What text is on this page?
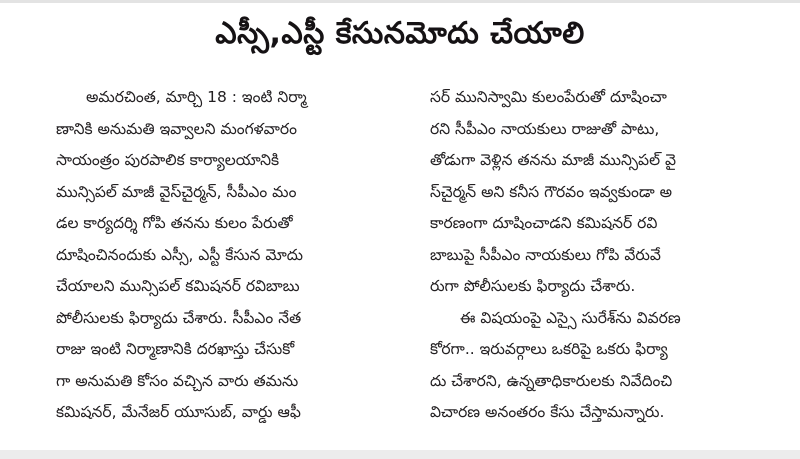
ఎస్సీ,ఎస్టీ కేసునమోదు చేయాలి
అమరచింత, మార్చి 18 : ఇంటి నిర్మా
ణానికి అనుమతి ఇవ్వాలని మంగళవారం
సాయంత్రం పురపాలిక కార్యాలయానికి
మున్సిపల్ మాజీ వైస్‌చైర్మన్, సీపీఎం మం
డల కార్యదర్శి గోపి తనను కులం పేరుతో
దూషించినందుకు ఎస్సీ, ఎస్టీ కేసున మోదు
చేయాలని మున్సిపల్ కమిషనర్ రవిబాబు
పోలీసులకు ఫిర్యాదు చేశారు. సీపీఎం నేత
రాజు ఇంటి నిర్మాణానికి దరఖాస్తు చేసుకో
గా అనుమతి కోసం వచ్చిన వారు తమను
కమిషనర్, మేనేజర్ యూసుబ్, వార్డు ఆఫీ
సర్ మునిస్వామి కులంపేరుతో దూషించా
రని సీపీఎం నాయకులు రాజుతో పాటు,
తోడుగా వెళ్లిన తనను మాజీ మున్సిపల్ వై
స్‌చైర్మన్ అని కనీస గౌరవం ఇవ్వకుండా అ
కారణంగా దూషించాడని కమిషనర్ రవి
బాబుపై సీపీఎం నాయకులు గోపి వేరువే
రుగా పోలీసులకు ఫిర్యాదు చేశారు.
ఈ విషయంపై ఎస్సై సురేశ్‌ను వివరణ
కోరగా.. ఇరువర్గాలు ఒకరిపై ఒకరు ఫిర్యా
దు చేశారని, ఉన్నతాధికారులకు నివేదించి
విచారణ అనంతరం కేసు చేస్తామన్నారు.
